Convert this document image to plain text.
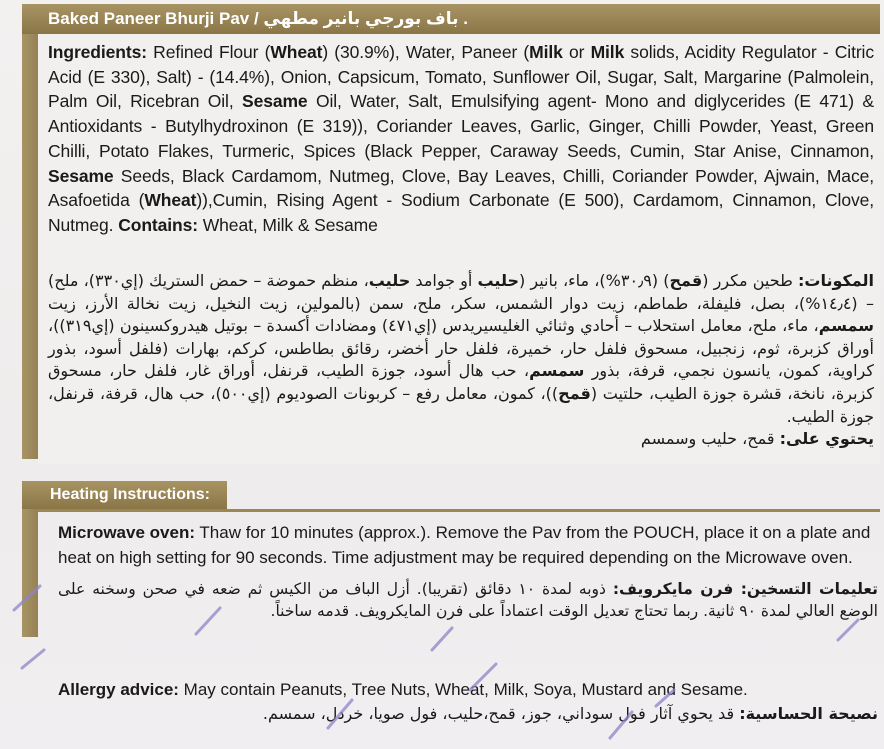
Baked Paneer Bhurji Pav / باف بورجي بانير مطهي .

Ingredients: Refined Flour (Wheat) (30.9%), Water, Paneer (Milk or Milk solids, Acidity Regulator - Citric Acid (E 330), Salt) - (14.4%), Onion, Capsicum, Tomato, Sunflower Oil, Sugar, Salt, Margarine (Palmolein, Palm Oil, Ricebran Oil, Sesame Oil, Water, Salt, Emulsifying agent- Mono and diglycerides (E 471) & Antioxidants - Butylhydroxinon (E 319)), Coriander Leaves, Garlic, Ginger, Chilli Powder, Yeast, Green Chilli, Potato Flakes, Turmeric, Spices (Black Pepper, Caraway Seeds, Cumin, Star Anise, Cinnamon, Sesame Seeds, Black Cardamom, Nutmeg, Clove, Bay Leaves, Chilli, Coriander Powder, Ajwain, Mace, Asafoetida (Wheat)),Cumin, Rising Agent - Sodium Carbonate (E 500), Cardamom, Cinnamon, Clove, Nutmeg. Contains: Wheat, Milk & Sesame

المكونات: طحين مكرر (قمح) (٣٠٫٩%)، ماء، بانير (حليب أو جوامد حليب، منظم حموضة – حمض الستريك (إي٣٣٠)، ملح) – (١٤٫٤%)، بصل، فليفلة، طماطم، زيت دوار الشمس، سكر، ملح، سمن (بالمولين، زيت النخيل، زيت نخالة الأرز، زيت سمسم، ماء، ملح، معامل استحلاب – أحادي وثنائي الغليسيريدس (إي٤٧١) ومضادات أكسدة – بوتيل هيدروكسينون (إي٣١٩))، أوراق كزبرة، ثوم، زنجبيل، مسحوق فلفل حار، خميرة، فلفل حار أخضر، رقائق بطاطس، كركم، بهارات (فلفل أسود، بذور كراوية، كمون، يانسون نجمي، قرفة، بذور سمسم، حب هال أسود، جوزة الطيب، قرنفل، أوراق غار، فلفل حار، مسحوق كزبرة، نانخة، قشرة جوزة الطيب، حلتيت (قمح))، كمون، معامل رفع – كربونات الصوديوم (إي٥٠٠)، حب هال، قرفة، قرنفل، جوزة الطيب.

يحتوي على: قمح، حليب وسمسم

Heating Instructions:
Microwave oven: Thaw for 10 minutes (approx.). Remove the Pav from the POUCH, place it on a plate and heat on high setting for 90 seconds. Time adjustment may be required depending on the Microwave oven.
تعليمات التسخين: فرن مايكرويف: ذوبه لمدة ١٠ دقائق (تقريبا). أزل الباف من الكيس ثم ضعه في صحن وسخنه على الوضع العالي لمدة ٩٠ ثانية. ربما تحتاج تعديل الوقت اعتماداً على فرن المايكرويف. قدمه ساخناً.
Allergy advice: May contain Peanuts, Tree Nuts, Wheat, Milk, Soya, Mustard and Sesame.
نصيحة الحساسية: قد يحوي آثار فول سوداني، جوز، قمح،حليب، فول صويا، خردل، سمسم.
